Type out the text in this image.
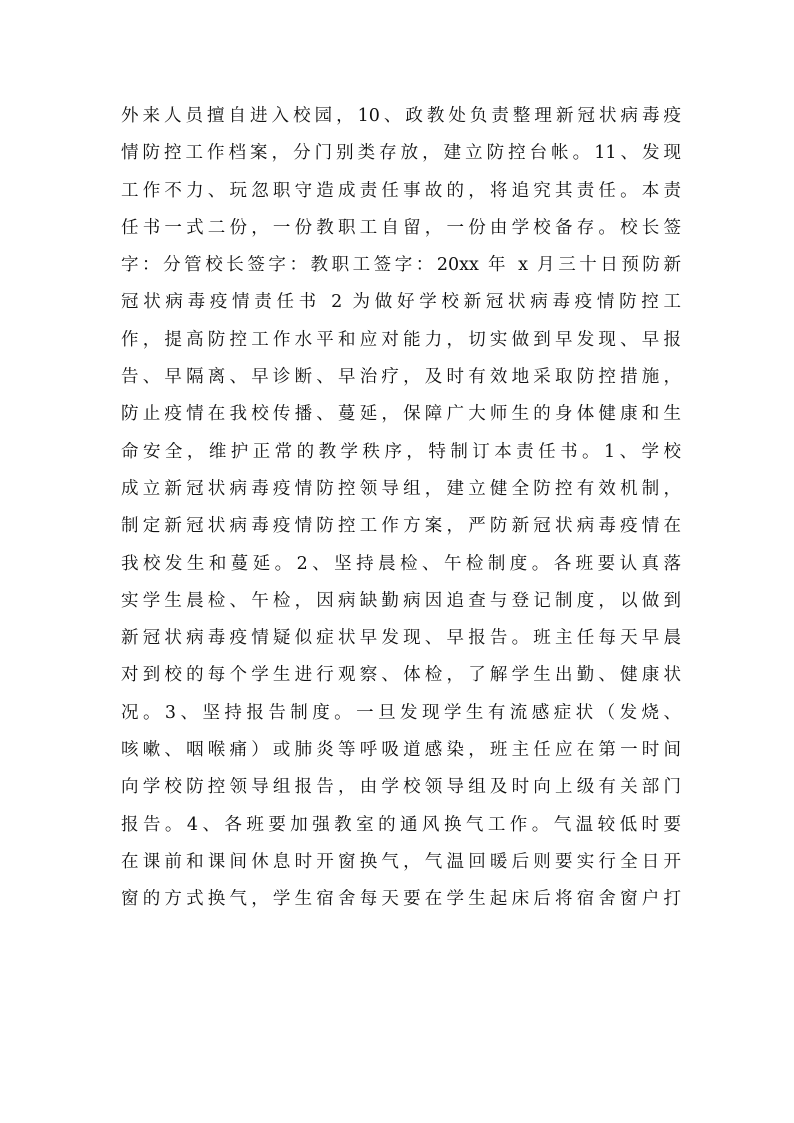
外来人员擅自进入校园，10、政教处负责整理新冠状病毒疫
情防控工作档案，分门别类存放，建立防控台帐。11、发现
工作不力、玩忽职守造成责任事故的，将追究其责任。本责
任书一式二份，一份教职工自留，一份由学校备存。校长签
字：分管校长签字：教职工签字：20xx 年 x 月三十日预防新
冠状病毒疫情责任书 2 为做好学校新冠状病毒疫情防控工
作，提高防控工作水平和应对能力，切实做到早发现、早报
告、早隔离、早诊断、早治疗，及时有效地采取防控措施，
防止疫情在我校传播、蔓延，保障广大师生的身体健康和生
命安全，维护正常的教学秩序，特制订本责任书。1、学校
成立新冠状病毒疫情防控领导组，建立健全防控有效机制，
制定新冠状病毒疫情防控工作方案，严防新冠状病毒疫情在
我校发生和蔓延。2、坚持晨检、午检制度。各班要认真落
实学生晨检、午检，因病缺勤病因追查与登记制度，以做到
新冠状病毒疫情疑似症状早发现、早报告。班主任每天早晨
对到校的每个学生进行观察、体检，了解学生出勤、健康状
况。3、坚持报告制度。一旦发现学生有流感症状（发烧、
咳嗽、咽喉痛）或肺炎等呼吸道感染，班主任应在第一时间
向学校防控领导组报告，由学校领导组及时向上级有关部门
报告。4、各班要加强教室的通风换气工作。气温较低时要
在课前和课间休息时开窗换气，气温回暖后则要实行全日开
窗的方式换气，学生宿舍每天要在学生起床后将宿舍窗户打
